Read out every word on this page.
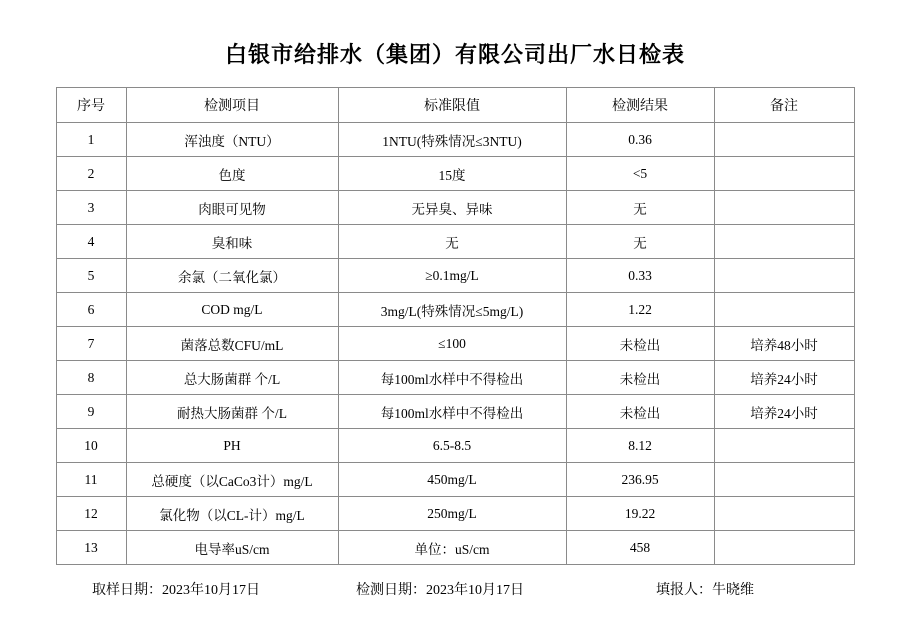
白银市给排水（集团）有限公司出厂水日检表
序号	检测项目	标准限值	检测结果	备注
1	浑浊度（NTU）	1NTU(特殊情况≤3NTU)	0.36	
2	色度	15度	<5	
3	肉眼可见物	无异臭、异味	无	
4	臭和味	无	无	
5	余氯（二氧化氯）	≥0.1mg/L	0.33	
6	COD mg/L	3mg/L(特殊情况≤5mg/L)	1.22	
7	菌落总数CFU/mL	≤100	未检出	培养48小时
8	总大肠菌群 个/L	每100ml水样中不得检出	未检出	培养24小时
9	耐热大肠菌群 个/L	每100ml水样中不得检出	未检出	培养24小时
10	PH	6.5-8.5	8.12	
11	总硬度（以CaCo3计）mg/L	450mg/L	236.95	
12	氯化物（以CL-计）mg/L	250mg/L	19.22	
13	电导率uS/cm	单位：uS/cm	458	
取样日期：2023年10月17日	检测日期：2023年10月17日	填报人：牛晓维
